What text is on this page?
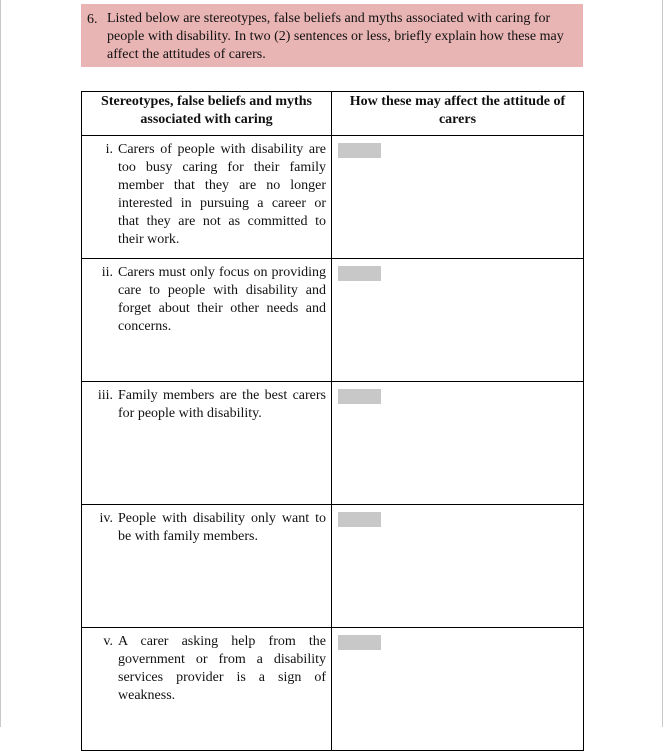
6. Listed below are stereotypes, false beliefs and myths associated with caring for people with disability. In two (2) sentences or less, briefly explain how these may affect the attitudes of carers.
Stereotypes, false beliefs and myths associated with caring	How these may affect the attitude of carers

i. Carers of people with disability are too busy caring for their family member that they are no longer interested in pursuing a career or that they are not as committed to their work.	

ii. Carers must only focus on providing care to people with disability and forget about their other needs and concerns.	

iii. Family members are the best carers for people with disability.	

iv. People with disability only want to be with family members.	

v. A carer asking help from the government or from a disability services provider is a sign of weakness.	
